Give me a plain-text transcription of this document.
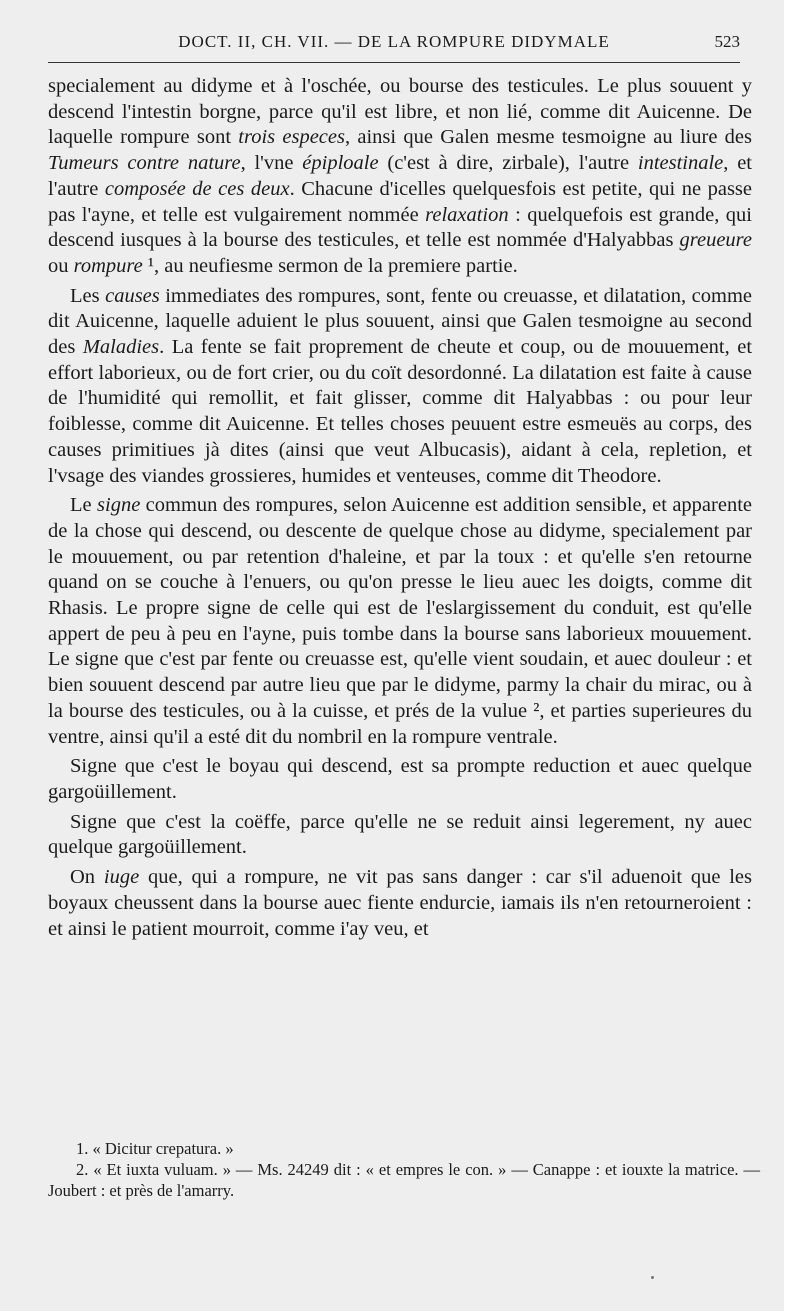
DOCT. II, CH. VII. — DE LA ROMPURE DIDYMALE	523

specialement au didyme et à l'oschée, ou bourse des testicules. Le plus souuent y descend l'intestin borgne, parce qu'il est libre, et non lié, comme dit Auicenne. De laquelle rompure sont trois especes, ainsi que Galen mesme tesmoigne au liure des Tumeurs contre nature, l'vne épiploale (c'est à dire, zirbale), l'autre intestinale, et l'autre composée de ces deux. Chacune d'icelles quelquesfois est petite, qui ne passe pas l'ayne, et telle est vulgairement nommée relaxation : quelquefois est grande, qui descend iusques à la bourse des testicules, et telle est nommée d'Halyabbas greueure ou rompure ¹, au neufiesme sermon de la premiere partie.

Les causes immediates des rompures, sont, fente ou creuasse, et dilatation, comme dit Auicenne, laquelle aduient le plus souuent, ainsi que Galen tesmoigne au second des Maladies. La fente se fait proprement de cheute et coup, ou de mouuement, et effort laborieux, ou de fort crier, ou du coït desordonné. La dilatation est faite à cause de l'humidité qui remollit, et fait glisser, comme dit Halyabbas : ou pour leur foiblesse, comme dit Auicenne. Et telles choses peuuent estre esmeuës au corps, des causes primitiues jà dites (ainsi que veut Albucasis), aidant à cela, repletion, et l'vsage des viandes grossieres, humides et venteuses, comme dit Theodore.

Le signe commun des rompures, selon Auicenne est addition sensible, et apparente de la chose qui descend, ou descente de quelque chose au didyme, specialement par le mouuement, ou par retention d'haleine, et par la toux : et qu'elle s'en retourne quand on se couche à l'enuers, ou qu'on presse le lieu auec les doigts, comme dit Rhasis. Le propre signe de celle qui est de l'eslargissement du conduit, est qu'elle appert de peu à peu en l'ayne, puis tombe dans la bourse sans laborieux mouuement. Le signe que c'est par fente ou creuasse est, qu'elle vient soudain, et auec douleur : et bien souuent descend par autre lieu que par le didyme, parmy la chair du mirac, ou à la bourse des testicules, ou à la cuisse, et prés de la vulue ², et parties superieures du ventre, ainsi qu'il a esté dit du nombril en la rompure ventrale.

Signe que c'est le boyau qui descend, est sa prompte reduction et auec quelque gargoüillement.

Signe que c'est la coëffe, parce qu'elle ne se reduit ainsi legerement, ny auec quelque gargoüillement.

On iuge que, qui a rompure, ne vit pas sans danger : car s'il aduenoit que les boyaux cheussent dans la bourse auec fiente endurcie, iamais ils n'en retourneroient : et ainsi le patient mourroit, comme i'ay veu, et

1. « Dicitur crepatura. »

2. « Et iuxta vuluam. » — Ms. 24249 dit : « et empres le con. » — Canappe : et iouxte la matrice. — Joubert : et près de l'amarry.
